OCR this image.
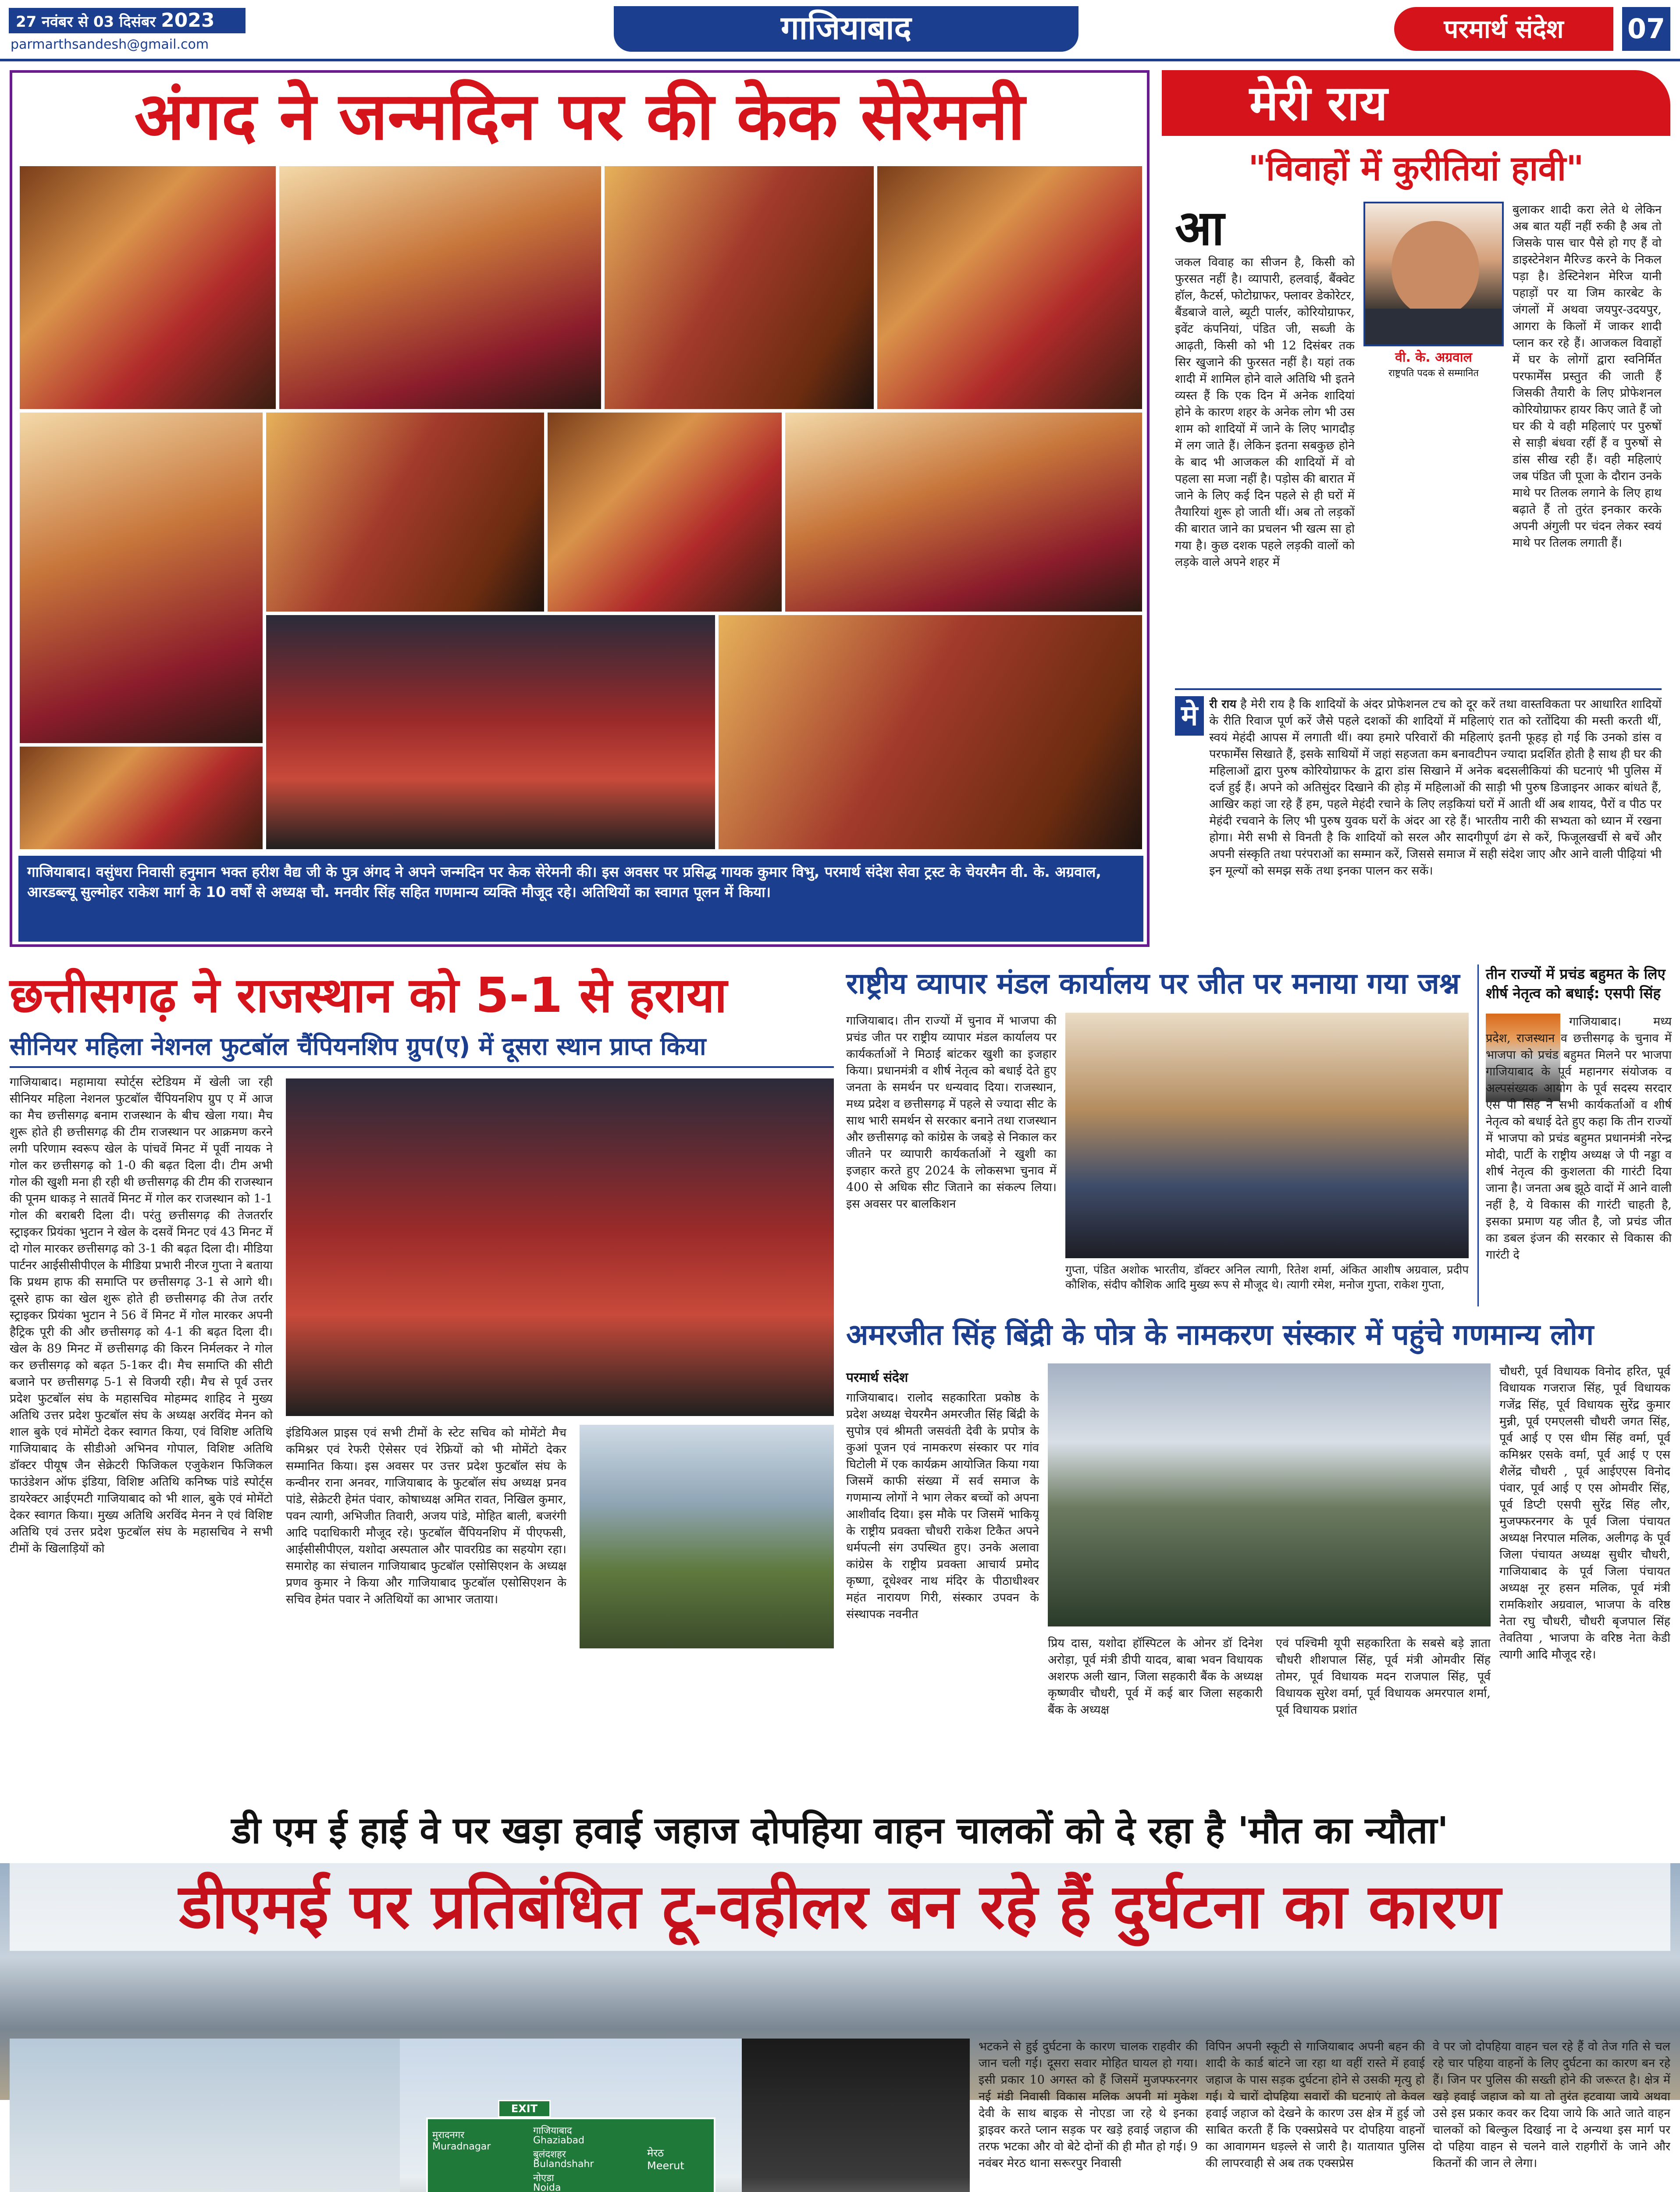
27 नवंबर से 03 दिसंबर 2023
parmarthsandesh@gmail.com	गाजियाबाद	परमार्थ संदेश	07
अंगद ने जन्मदिन पर की केक सेरेमनी
गाजियाबाद। वसुंधरा निवासी हनुमान भक्त हरीश वैद्य जी के पुत्र अंगद ने अपने जन्मदिन पर केक सेरेमनी की। इस अवसर पर प्रसिद्ध गायक कुमार विभु, परमार्थ संदेश सेवा ट्रस्ट के चेयरमैन वी. के. अग्रवाल, आरडब्ल्यू सुल्मोहर राकेश मार्ग के 10 वर्षों से अध्यक्ष चौ. मनवीर सिंह सहित गणमान्य व्यक्ति मौजूद रहे। अतिथियों का स्वागत पूलन में किया।
मेरी राय
"विवाहों में कुरीतियां हावी"
आ
जकल विवाह का सीजन है, किसी को फुरसत नहीं है। व्यापारी, हलवाई, बैंक्वेट हॉल, कैटर्स, फोटोग्राफर, फ्लावर डेकोरेटर, बैंडबाजे वाले, ब्यूटी पार्लर, कोरियोग्राफर, इवेंट कंपनियां, पंडित जी, सब्जी के आढ़ती, किसी को भी 12 दिसंबर तक सिर खुजाने की फुरसत नहीं है। यहां तक शादी में शामिल होने वाले अतिथि भी इतने व्यस्त हैं कि एक दिन में अनेक शादियां होने के कारण शहर के अनेक लोग भी उस शाम को शादियों में जाने के लिए भागदौड़ में लग जाते हैं। लेकिन इतना सबकुछ होने के बाद भी आजकल की शादियों में वो पहला सा मजा नहीं है। पड़ोस की बारात में जाने के लिए कई दिन पहले से ही घरों में तैयारियां शुरू हो जाती थीं। अब तो लड़कों की बारात जाने का प्रचलन भी खत्म सा हो गया है। कुछ दशक पहले लड़की वालों को लड़के वाले अपने शहर में
वी. के. अग्रवाल
राष्ट्रपति पदक से सम्मानित
बुलाकर शादी करा लेते थे लेकिन अब बात यहीं नहीं रुकी है अब तो जिसके पास चार पैसे हो गए हैं वो डाइस्टेनेशन मैरिज्ड करने के निकल पड़ा है। डेस्टिनेशन मेरिज यानी पहाड़ों पर या जिम कारबेट के जंगलों में अथवा जयपुर-उदयपुर, आगरा के किलों में जाकर शादी प्लान कर रहे हैं। आजकल विवाहों में घर के लोगों द्वारा स्वनिर्मित परफार्मेंस प्रस्तुत की जाती हैं जिसकी तैयारी के लिए प्रोफेशनल कोरियोग्राफर हायर किए जाते हैं जो घर की ये वही महिलाएं पर पुरुषों से साड़ी बंधवा रहीं हैं व पुरुषों से डांस सीख रही हैं। वही महिलाएं जब पंडित जी पूजा के दौरान उनके माथे पर तिलक लगाने के लिए हाथ बढ़ाते हैं तो तुरंत इनकार करके अपनी अंगुली पर चंदन लेकर स्वयं माथे पर तिलक लगाती हैं।
मे री राय है मेरी राय है कि शादियों के अंदर प्रोफेशनल टच को दूर करें तथा वास्तविकता पर आधारित शादियों के रीति रिवाज पूर्ण करें जैसे पहले दशकों की शादियों में महिलाएं रात को रतोंदिया की मस्ती करती थीं, स्वयं मेहंदी आपस में लगाती थीं। क्या हमारे परिवारों की महिलाएं इतनी फूहड़ हो गई कि उनको डांस व परफार्मेंस सिखाते हैं, इसके साथियों में जहां सहजता कम बनावटीपन ज्यादा प्रदर्शित होती है साथ ही घर की महिलाओं द्वारा पुरुष कोरियोग्राफर के द्वारा डांस सिखाने में अनेक बदसलीकियां की घटनाएं भी पुलिस में दर्ज हुई हैं। अपने को अतिसुंदर दिखाने की होड़ में महिलाओं की साड़ी भी पुरुष डिजाइनर आकर बांधते हैं, आखिर कहां जा रहे हैं हम, पहले मेहंदी रचाने के लिए लड़कियां घरों में आती थीं अब शायद, पैरों व पीठ पर मेहंदी रचवाने के लिए भी पुरुष युवक घरों के अंदर आ रहे हैं। भारतीय नारी की सभ्यता को ध्यान में रखना होगा। मेरी सभी से विनती है कि शादियों को सरल और सादगीपूर्ण ढंग से करें, फिजूलखर्ची से बचें और अपनी संस्कृति तथा परंपराओं का सम्मान करें, जिससे समाज में सही संदेश जाए और आने वाली पीढ़ियां भी इन मूल्यों को समझ सकें तथा इनका पालन कर सकें।
छत्तीसगढ़ ने राजस्थान को 5-1 से हराया
सीनियर महिला नेशनल फुटबॉल चैंपियनशिप ग्रुप(ए) में दूसरा स्थान प्राप्त किया
गाजियाबाद। महामाया स्पोर्ट्स स्टेडियम में खेली जा रही सीनियर महिला नेशनल फुटबॉल चैंपियनशिप ग्रुप ए में आज का मैच छत्तीसगढ़ बनाम राजस्थान के बीच खेला गया। मैच शुरू होते ही छत्तीसगढ़ की टीम राजस्थान पर आक्रमण करने लगी परिणाम स्वरूप खेल के पांचवें मिनट में पूर्वी नायक ने गोल कर छत्तीसगढ़ को 1-0 की बढ़त दिला दी। टीम अभी गोल की खुशी मना ही रही थी छत्तीसगढ़ की टीम की राजस्थान की पूनम धाकड़ ने सातवें मिनट में गोल कर राजस्थान को 1-1 गोल की बराबरी दिला दी। परंतु छत्तीसगढ़ की तेजतर्रार स्ट्राइकर प्रियंका भुटान ने खेल के दसवें मिनट एवं 43 मिनट में दो गोल मारकर छत्तीसगढ़ को 3-1 की बढ़त दिला दी। मीडिया पार्टनर आईसीसीपीएल के मीडिया प्रभारी नीरज गुप्ता ने बताया कि प्रथम हाफ की समाप्ति पर छत्तीसगढ़ 3-1 से आगे थी। दूसरे हाफ का खेल शुरू होते ही छत्तीसगढ़ की तेज तर्रार स्ट्राइकर प्रियंका भुटान ने 56 वें मिनट में गोल मारकर अपनी हैट्रिक पूरी की और छत्तीसगढ़ को 4-1 की बढ़त दिला दी। खेल के 89 मिनट में छत्तीसगढ़ की किरन निर्मलकर ने गोल कर छत्तीसगढ़ को बढ़त 5-1कर दी। मैच समाप्ति की सीटी बजाने पर छत्तीसगढ़ 5-1 से विजयी रही। मैच से पूर्व उत्तर प्रदेश फुटबॉल संघ के महासचिव मोहम्मद शाहिद ने मुख्य अतिथि उत्तर प्रदेश फुटबॉल संघ के अध्यक्ष अरविंद मेनन को शाल बुके एवं मोमेंटो देकर स्वागत किया, एवं विशिष्ट अतिथि गाजियाबाद के सीडीओ अभिनव गोपाल, विशिष्ट अतिथि डॉक्टर पीयूष जैन सेक्रेटरी फिजिकल एजुकेशन फिजिकल फाउंडेशन ऑफ इंडिया, विशिष्ट अतिथि कनिष्क पांडे स्पोर्ट्स डायरेक्टर आईएमटी गाजियाबाद को भी शाल, बुके एवं मोमेंटो देकर स्वागत किया। मुख्य अतिथि अरविंद मेनन ने एवं विशिष्ट अतिथि एवं उत्तर प्रदेश फुटबॉल संघ के महासचिव ने सभी टीमों के खिलाड़ियों को
इंडियिअल प्राइस एवं सभी टीमों के स्टेट सचिव को मोमेंटो मैच कमिश्नर एवं रेफरी ऐसेसर एवं रेफ्रियों को भी मोमेंटो देकर सम्मानित किया। इस अवसर पर उत्तर प्रदेश फुटबॉल संघ के कन्वीनर राना अनवर, गाजियाबाद के फुटबॉल संघ अध्यक्ष प्रनव पांडे, सेक्रेटरी हेमंत पंवार, कोषाध्यक्ष अमित रावत, निखिल कुमार, पवन त्यागी, अभिजीत तिवारी, अजय पांडे, मोहित बाली, बजरंगी आदि पदाधिकारी मौजूद रहे। फुटबॉल चैंपियनशिप में पीएफसी, आईसीसीपीएल, यशोदा अस्पताल और पावरग्रिड का सहयोग रहा। समारोह का संचालन गाजियाबाद फुटबॉल एसोसिएशन के अध्यक्ष प्रणव कुमार ने किया और गाजियाबाद फुटबॉल एसोसिएशन के सचिव हेमंत पवार ने अतिथियों का आभार जताया।
राष्ट्रीय व्यापार मंडल कार्यालय पर जीत पर मनाया गया जश्न
गाजियाबाद। तीन राज्यों में चुनाव में भाजपा की प्रचंड जीत पर राष्ट्रीय व्यापार मंडल कार्यालय पर कार्यकर्ताओं ने मिठाई बांटकर खुशी का इजहार किया। प्रधानमंत्री व शीर्ष नेतृत्व को बधाई देते हुए जनता के समर्थन पर धन्यवाद दिया। राजस्थान, मध्य प्रदेश व छत्तीसगढ़ में पहले से ज्यादा सीट के साथ भारी समर्थन से सरकार बनाने तथा राजस्थान और छत्तीसगढ़ को कांग्रेस के जबड़े से निकाल कर जीतने पर व्यापारी कार्यकर्ताओं ने खुशी का इजहार करते हुए 2024 के लोकसभा चुनाव में 400 से अधिक सीट जिताने का संकल्प लिया। इस अवसर पर बालकिशन
गुप्ता, पंडित अशोक भारतीय, डॉक्टर अनिल त्यागी, रितेश शर्मा, अंकित आशीष अग्रवाल, प्रदीप कौशिक, संदीप कौशिक आदि मुख्य रूप से मौजूद थे। त्यागी रमेश, मनोज गुप्ता, राकेश गुप्ता,
तीन राज्यों में प्रचंड बहुमत के लिए शीर्ष नेतृत्व को बधाई: एसपी सिंह
गाजियाबाद। मध्य प्रदेश, राजस्थान व छत्तीसगढ़ के चुनाव में भाजपा को प्रचंड बहुमत मिलने पर भाजपा गाजियाबाद के पूर्व महानगर संयोजक व अल्पसंख्यक आयोग के पूर्व सदस्य सरदार एस पी सिंह ने सभी कार्यकर्ताओं व शीर्ष नेतृत्व को बधाई देते हुए कहा कि तीन राज्यों में भाजपा को प्रचंड बहुमत प्रधानमंत्री नरेन्द्र मोदी, पार्टी के राष्ट्रीय अध्यक्ष जे पी नड्डा व शीर्ष नेतृत्व की कुशलता की गारंटी दिया जाना है। जनता अब झूठे वादों में आने वाली नहीं है, ये विकास की गारंटी चाहती है, इसका प्रमाण यह जीत है, जो प्रचंड जीत का डबल इंजन की सरकार से विकास की गारंटी दे
अमरजीत सिंह बिंद्री के पोत्र के नामकरण संस्कार में पहुंचे गणमान्य लोग
परमार्थ संदेश
गाजियाबाद। रालोद सहकारिता प्रकोष्ठ के प्रदेश अध्यक्ष चेयरमैन अमरजीत सिंह बिंद्री के सुपोत्र एवं श्रीमती जसवंती देवी के प्रपोत्र के कुआं पूजन एवं नामकरण संस्कार पर गांव घिटोली में एक कार्यक्रम आयोजित किया गया जिसमें काफी संख्या में सर्व समाज के गणमान्य लोगों ने भाग लेकर बच्चों को अपना आशीर्वाद दिया। इस मौके पर जिसमें भाकियू के राष्ट्रीय प्रवक्ता चौधरी राकेश टिकैत अपने धर्मपत्नी संग उपस्थित हुए। उनके अलावा कांग्रेस के राष्ट्रीय प्रवक्ता आचार्य प्रमोद कृष्णा, दूधेश्वर नाथ मंदिर के पीठाधीश्वर महंत नारायण गिरी, संस्कार उपवन के संस्थापक नवनीत
प्रिय दास, यशोदा हॉस्पिटल के ओनर डॉ दिनेश अरोड़ा, पूर्व मंत्री डीपी यादव, बाबा भवन विधायक अशरफ अली खान, जिला सहकारी बैंक के अध्यक्ष कृष्णवीर चौधरी, पूर्व में कई बार जिला सहकारी बैंक के अध्यक्ष
एवं पश्चिमी यूपी सहकारिता के सबसे बड़े ज्ञाता चौधरी शीशपाल सिंह, पूर्व मंत्री ओमवीर सिंह तोमर, पूर्व विधायक मदन राजपाल सिंह, पूर्व विधायक सुरेश वर्मा, पूर्व विधायक अमरपाल शर्मा, पूर्व विधायक प्रशांत
चौधरी, पूर्व विधायक विनोद हरित, पूर्व विधायक गजराज सिंह, पूर्व विधायक गजेंद्र सिंह, पूर्व विधायक सुरेंद्र कुमार मुन्नी, पूर्व एमएलसी चौधरी जगत सिंह, पूर्व आई ए एस धीम सिंह वर्मा, पूर्व कमिश्नर एसके वर्मा, पूर्व आई ए एस शैलेंद्र चौधरी , पूर्व आईएएस विनोद पंवार, पूर्व आई ए एस ओमवीर सिंह, पूर्व डिप्टी एसपी सुरेंद्र सिंह लौर, मुजफ्फरनगर के पूर्व जिला पंचायत अध्यक्ष निरपाल मलिक, अलीगढ़ के पूर्व जिला पंचायत अध्यक्ष सुधीर चौधरी, गाजियाबाद के पूर्व जिला पंचायत अध्यक्ष नूर हसन मलिक, पूर्व मंत्री रामकिशोर अग्रवाल, भाजपा के वरिष्ठ नेता रघु चौधरी, चौधरी बृजपाल सिंह तेवतिया , भाजपा के वरिष्ठ नेता केडी त्यागी आदि मौजूद रहे।
डी एम ई हाई वे पर खड़ा हवाई जहाज दोपहिया वाहन चालकों को दे रहा है 'मौत का न्यौता'
डीएमई पर प्रतिबंधित टू-वहीलर बन रहे हैं दुर्घटना का कारण
EXIT
मुरादनगर
Muradnagar
गाजियाबाद
Ghaziabad
बुलंदशहर
Bulandshahr
नोएडा
Noida
मेरठ
Meerut
भटकने से हुई दुर्घटना के कारण चालक राहवीर की जान चली गई। दूसरा सवार मोहित घायल हो गया। इसी प्रकार 10 अगस्त को हैं जिसमें मुजफ्फरनगर नई मंडी निवासी विकास मलिक अपनी मां मुकेश देवी के साथ बाइक से नोएडा जा रहे थे इनका ड्राइवर करते प्लान सड़क पर खड़े हवाई जहाज की तरफ भटका और वो बेटे दोनों की ही मौत हो गई। 9 नवंबर मेरठ थाना सरूरपुर निवासी
विपिन अपनी स्कूटी से गाजियाबाद अपनी बहन की शादी के कार्ड बांटने जा रहा था वहीं रास्ते में हवाई जहाज के पास सड़क दुर्घटना होने से उसकी मृत्यु हो गई। ये चारों दोपहिया सवारों की घटनाएं तो केवल हवाई जहाज को देखने के कारण उस क्षेत्र में हुई जो साबित करती हैं कि एक्सप्रेसवे पर दोपहिया वाहनों का आवागमन धड़ल्ले से जारी है। यातायात पुलिस की लापरवाही से अब तक एक्सप्रेस
वे पर जो दोपहिया वाहन चल रहे हैं वो तेज गति से चल रहे चार पहिया वाहनों के लिए दुर्घटना का कारण बन रहे हैं। जिन पर पुलिस की सख्ती होने की जरूरत है। क्षेत्र में खड़े हवाई जहाज को या तो तुरंत हटवाया जाये अथवा उसे इस प्रकार कवर कर दिया जाये कि आते जाते वाहन चालकों को बिल्कुल दिखाई ना दे अन्यथा इस मार्ग पर दो पहिया वाहन से चलने वाले राहगीरों के जाने और कितनों की जान ले लेगा।
